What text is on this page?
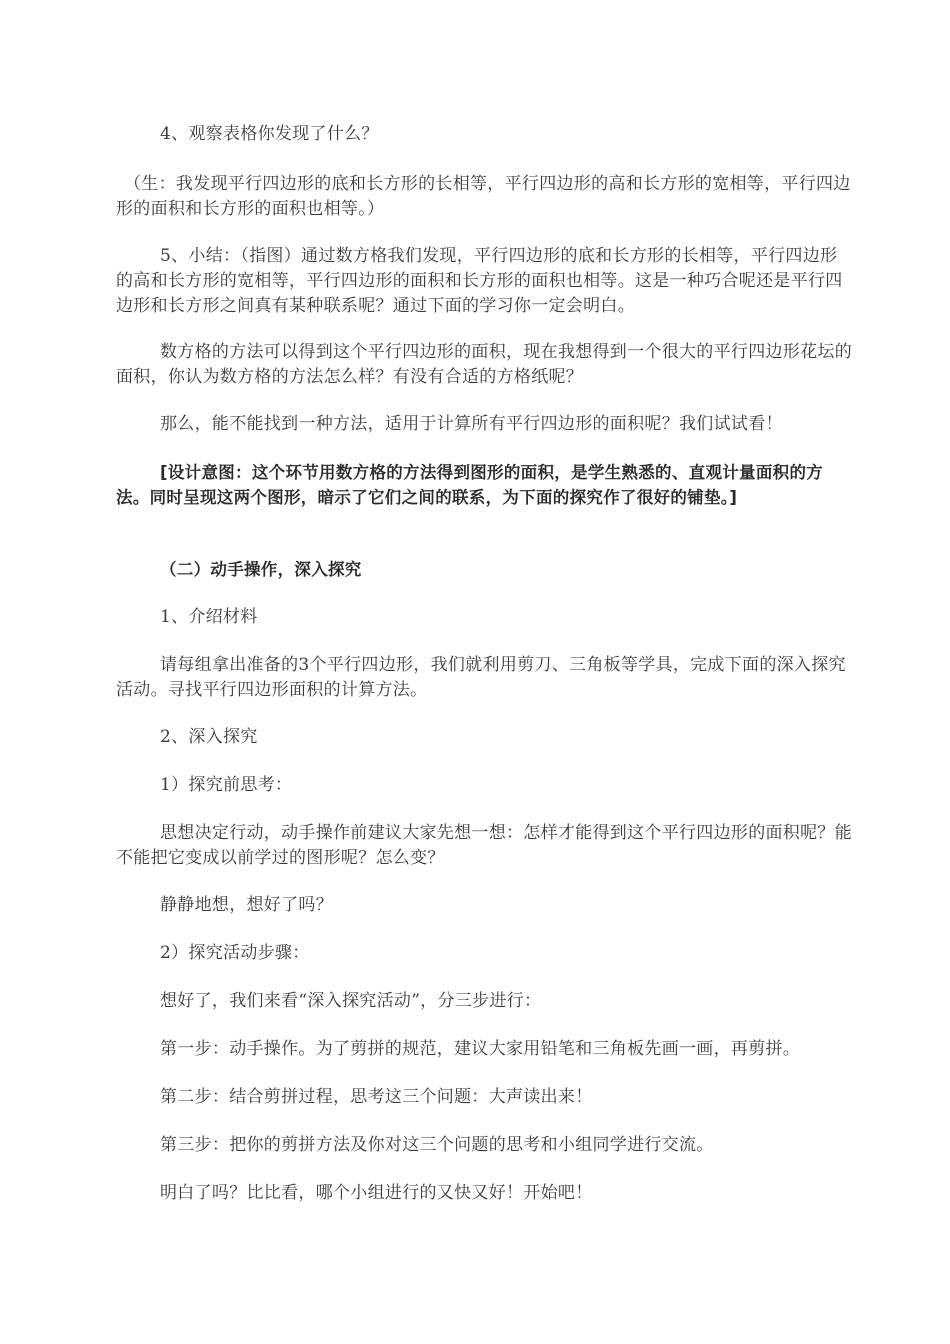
4、观察表格你发现了什么？

（生：我发现平行四边形的底和长方形的长相等，平行四边形的高和长方形的宽相等，平行四边形的面积和长方形的面积也相等。）

5、小结：（指图）通过数方格我们发现，平行四边形的底和长方形的长相等，平行四边形的高和长方形的宽相等，平行四边形的面积和长方形的面积也相等。这是一种巧合呢还是平行四边形和长方形之间真有某种联系呢？通过下面的学习你一定会明白。

数方格的方法可以得到这个平行四边形的面积，现在我想得到一个很大的平行四边形花坛的面积，你认为数方格的方法怎么样？有没有合适的方格纸呢？

那么，能不能找到一种方法，适用于计算所有平行四边形的面积呢？我们试试看！

[设计意图：这个环节用数方格的方法得到图形的面积，是学生熟悉的、直观计量面积的方法。同时呈现这两个图形，暗示了它们之间的联系，为下面的探究作了很好的铺垫。]

（二）动手操作，深入探究

1、介绍材料

请每组拿出准备的3个平行四边形，我们就利用剪刀、三角板等学具，完成下面的深入探究活动。寻找平行四边形面积的计算方法。

2、深入探究

1）探究前思考：

思想决定行动，动手操作前建议大家先想一想：怎样才能得到这个平行四边形的面积呢？能不能把它变成以前学过的图形呢？怎么变？

静静地想，想好了吗？

2）探究活动步骤：

想好了，我们来看“深入探究活动”，分三步进行：

第一步：动手操作。为了剪拼的规范，建议大家用铅笔和三角板先画一画，再剪拼。

第二步：结合剪拼过程，思考这三个问题：大声读出来！

第三步：把你的剪拼方法及你对这三个问题的思考和小组同学进行交流。

明白了吗？比比看，哪个小组进行的又快又好！开始吧！
